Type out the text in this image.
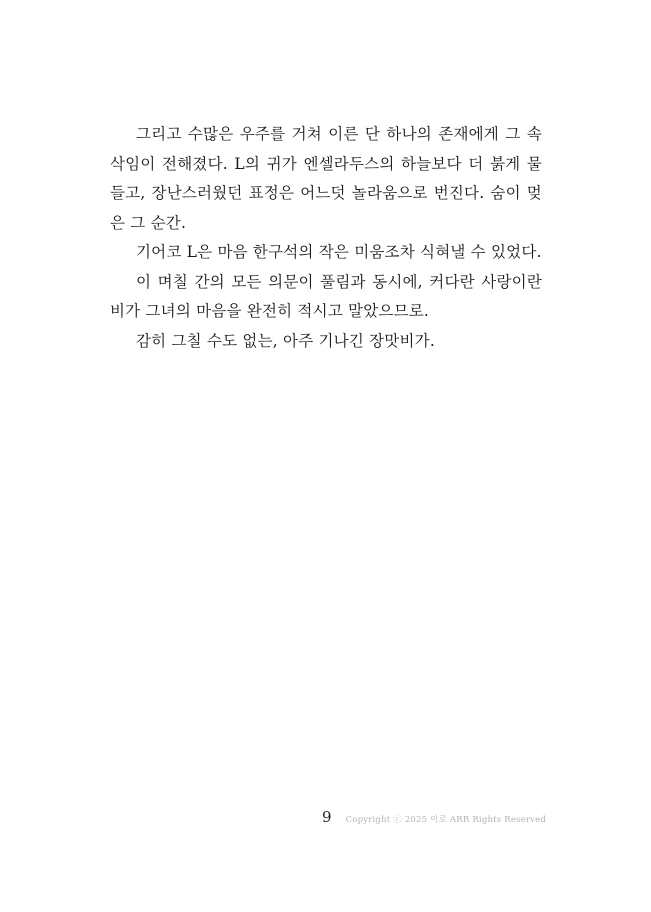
그리고 수많은 우주를 거쳐 이른 단 하나의 존재에게 그 속삭임이 전해졌다. L의 귀가 엔셀라두스의 하늘보다 더 붉게 물들고, 장난스러웠던 표정은 어느덧 놀라움으로 번진다. 숨이 멎은 그 순간.

기어코 L은 마음 한구석의 작은 미움조차 식혀낼 수 있었다.

이 며칠 간의 모든 의문이 풀림과 동시에, 커다란 사랑이란 비가 그녀의 마음을 완전히 적시고 말았으므로.

감히 그칠 수도 없는, 아주 기나긴 장맛비가.

9 Copyright ⓒ 2025 이로 ARR Rights Reserved
